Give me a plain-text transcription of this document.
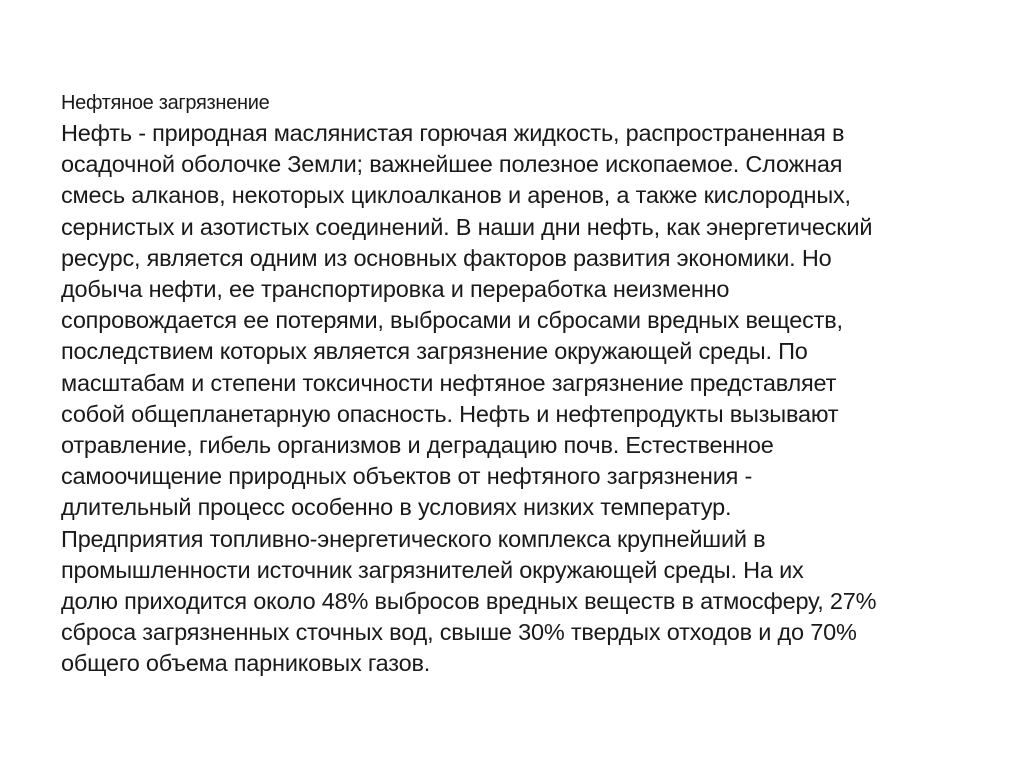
Нефтяное загрязнение
Нефть - природная маслянистая горючая жидкость, распространенная в
осадочной оболочке Земли; важнейшее полезное ископаемое. Сложная
смесь алканов, некоторых циклоалканов и аренов, а также кислородных,
сернистых и азотистых соединений. В наши дни нефть, как энергетический
ресурс, является одним из основных факторов развития экономики. Но
добыча нефти, ее транспортировка и переработка неизменно
сопровождается ее потерями, выбросами и сбросами вредных веществ,
последствием которых является загрязнение окружающей среды. По
масштабам и степени токсичности нефтяное загрязнение представляет
собой общепланетарную опасность. Нефть и нефтепродукты вызывают
отравление, гибель организмов и деградацию почв. Естественное
самоочищение природных объектов от нефтяного загрязнения -
длительный процесс особенно в условиях низких температур.
Предприятия топливно-энергетического комплекса крупнейший в
промышленности источник загрязнителей окружающей среды. На их
долю приходится около 48% выбросов вредных веществ в атмосферу, 27%
сброса загрязненных сточных вод, свыше 30% твердых отходов и до 70%
общего объема парниковых газов.
